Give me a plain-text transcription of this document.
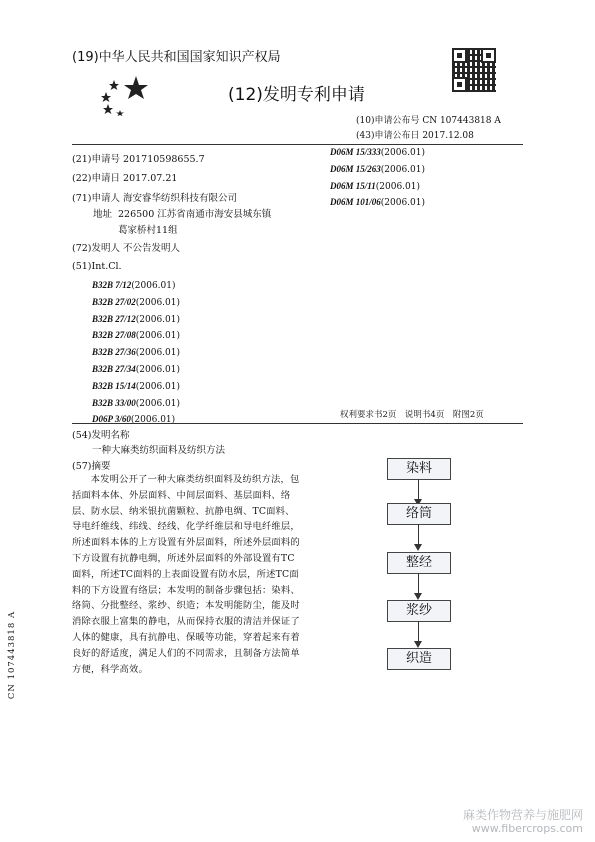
(19)中华人民共和国国家知识产权局
(12)发明专利申请
(10)申请公布号 CN 107443818 A
(43)申请公布日 2017.12.08
(21)申请号 201710598655.7
(22)申请日 2017.07.21
(71)申请人 海安睿华纺织科技有限公司
地址 226500 江苏省南通市海安县城东镇
葛家桥村11组
(72)发明人 不公告发明人
(51)Int.Cl.
B32B 7/12(2006.01)
B32B 27/02(2006.01)
B32B 27/12(2006.01)
B32B 27/08(2006.01)
B32B 27/36(2006.01)
B32B 27/34(2006.01)
B32B 15/14(2006.01)
B32B 33/00(2006.01)
D06P 3/60(2006.01)
D06M 15/333(2006.01)
D06M 15/263(2006.01)
D06M 15/11(2006.01)
D06M 101/06(2006.01)
权利要求书2页　说明书4页　附图2页
(54)发明名称
一种大麻类纺织面料及纺织方法
(57)摘要

本发明公开了一种大麻类纺织面料及纺织方法，包括面料本体、外层面料、中间层面料、基层面料、络层、防水层、纳米银抗菌颗粒、抗静电绸、TC面料、导电纤维线、纬线、经线、化学纤维层和导电纤维层，所述面料本体的上方设置有外层面料，所述外层面料的下方设置有抗静电绸，所述外层面料的外部设置有TC面料，所述TC面料的上表面设置有防水层，所述TC面料的下方设置有络层；本发明的制备步骤包括：染料、络筒、分批整经、浆纱、织造；本发明能防尘，能及时消除衣服上富集的静电，从而保持衣服的清洁并保证了人体的健康，具有抗静电、保暖等功能，穿着起来有着良好的舒适度，满足人们的不同需求，且制备方法简单方便，科学高效。

染料
络筒
整经
浆纱
织造
CN 107443818 A
麻类作物营养与施肥网
www.fibercrops.com
